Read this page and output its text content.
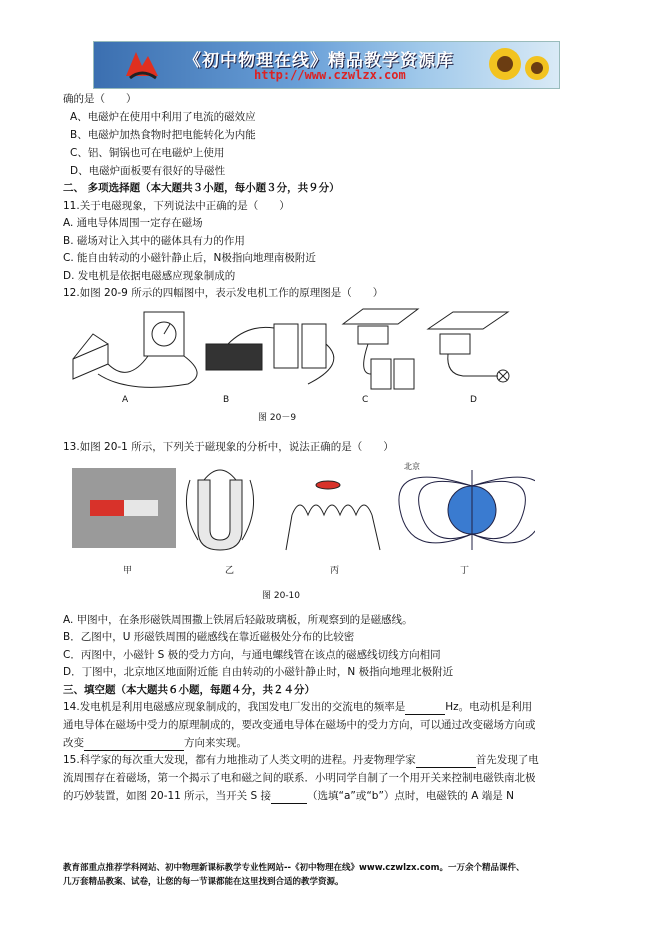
《初中物理在线》精品教学资源库
http://www.czwlzx.com
确的是（　　）
A、电磁炉在使用中利用了电流的磁效应
B、电磁炉加热食物时把电能转化为内能
C、铝、铜锅也可在电磁炉上使用
D、电磁炉面板要有很好的导磁性
二、 多项选择题（本大题共３小题，每小题３分，共９分）
11.关于电磁现象，下列说法中正确的是（　　）
A. 通电导体周围一定存在磁场
B. 磁场对让入其中的磁体具有力的作用
C. 能自由转动的小磁针静止后，N极指向地理南极附近
D. 发电机是依据电磁感应现象制成的
12.如图 20-9 所示的四幅图中，表示发电机工作的原理图是（　　）
A	B	C	D
图 20－9
13.如图 20-1 所示，下列关于磁现象的分析中，说法正确的是（　　）
北京
甲	乙	丙	丁
图 20-10
A. 甲图中，在条形磁铁周围撒上铁屑后轻敲玻璃板，所观察到的是磁感线。
B．乙图中，U 形磁铁周围的磁感线在靠近磁极处分布的比较密
C．丙图中，小磁针 S 极的受力方向，与通电螺线管在该点的磁感线切线方向相同
D．丁图中，北京地区地面附近能 自由转动的小磁针静止时，N 极指向地理北极附近
三、填空题（本大题共６小题，每题４分，共２４分）
14.发电机是利用电磁感应现象制成的，我国发电厂发出的交流电的频率是	Hz。电动机是利用
通电导体在磁场中受力的原理制成的，要改变通电导体在磁场中的受力方向，可以通过改变磁场方向或
改变	方向来实现。
15.科学家的每次重大发现，都有力地推动了人类文明的进程。丹麦物理学家	首先发现了电
流周围存在着磁场，第一个揭示了电和磁之间的联系．小明同学自制了一个用开关来控制电磁铁南北极
的巧妙装置，如图 20-11 所示，当开关 S 接	（选填“a”或“b”）点时，电磁铁的 A 端是 N
教育部重点推荐学科网站、初中物理新课标教学专业性网站--《初中物理在线》www.czwlzx.com。一万余个精品课件、
几万套精品教案、试卷，让您的每一节课都能在这里找到合适的教学资源。
